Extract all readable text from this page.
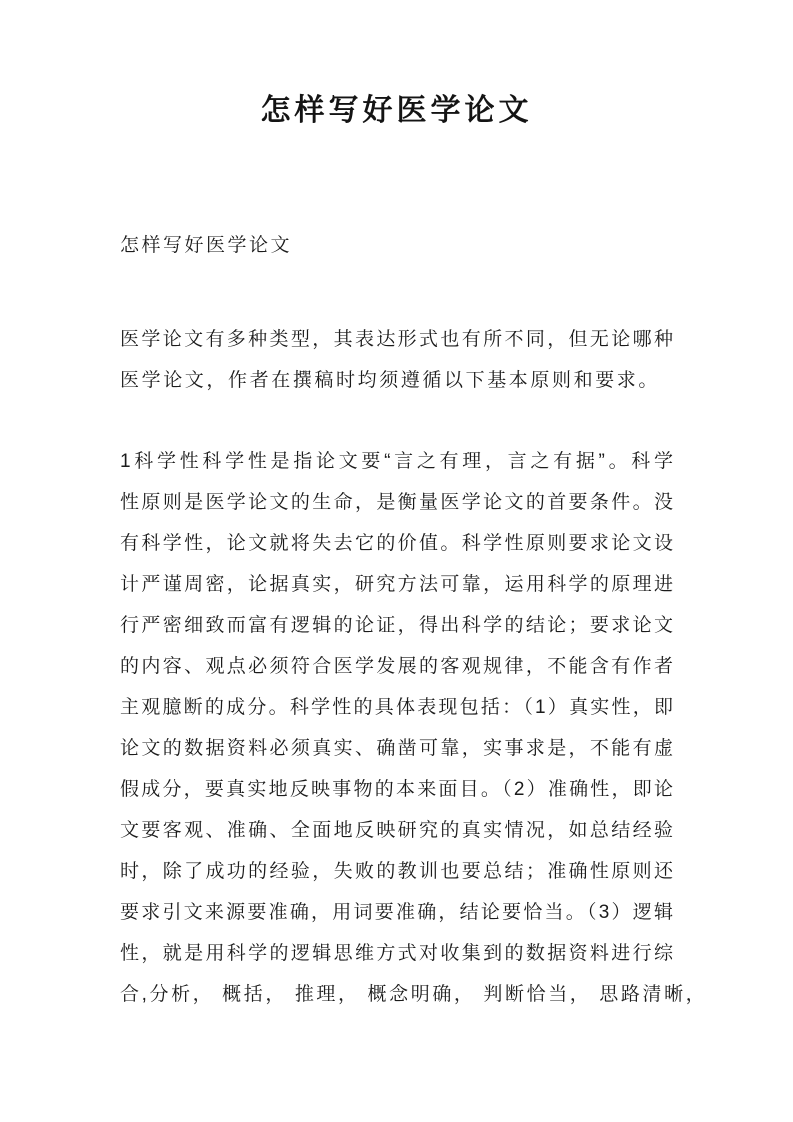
怎样写好医学论文

怎样写好医学论文

医学论文有多种类型，其表达形式也有所不同，但无论哪种
医学论文，作者在撰稿时均须遵循以下基本原则和要求。
1科学性科学性是指论文要“言之有理，言之有据”。科学
性原则是医学论文的生命，是衡量医学论文的首要条件。没
有科学性，论文就将失去它的价值。科学性原则要求论文设
计严谨周密，论据真实，研究方法可靠，运用科学的原理进
行严密细致而富有逻辑的论证，得出科学的结论；要求论文
的内容、观点必须符合医学发展的客观规律，不能含有作者
主观臆断的成分。科学性的具体表现包括：（1）真实性，即
论文的数据资料必须真实、确凿可靠，实事求是，不能有虚
假成分，要真实地反映事物的本来面目。（2）准确性，即论
文要客观、准确、全面地反映研究的真实情况，如总结经验
时，除了成功的经验，失败的教训也要总结；准确性原则还
要求引文来源要准确，用词要准确，结论要恰当。（3）逻辑
性，就是用科学的逻辑思维方式对收集到的数据资料进行综
合,分析， 概括， 推理， 概念明确， 判断恰当， 思路清晰，
